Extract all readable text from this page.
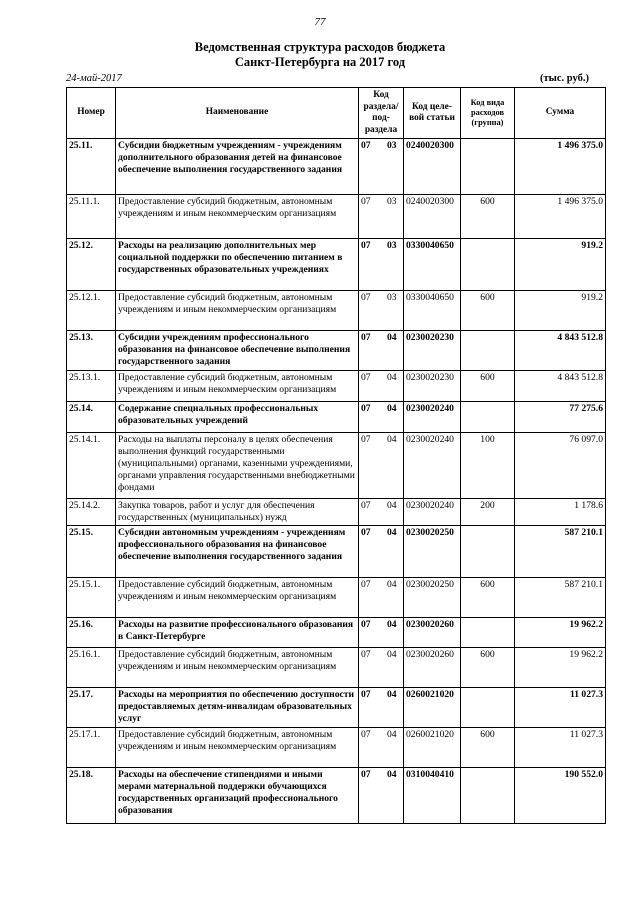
77
Ведомственная структура расходов бюджета
Санкт-Петербурга на 2017 год
24-май-2017	(тыс. руб.)
Номер	Наименование	Код раздела/ под-раздела	Код целе-вой статьи	Код вида расходов (группа)	Сумма
25.11.	Субсидии бюджетным учреждениям - учреждениям дополнительного образования детей на финансовое обеспечение выполнения государственного задания	07 03	0240020300		1 496 375.0
25.11.1.	Предоставление субсидий бюджетным, автономным учреждениям и иным некоммерческим организациям	07 03	0240020300	600	1 496 375.0
25.12.	Расходы на реализацию дополнительных мер социальной поддержки по обеспечению питанием в государственных образовательных учреждениях	07 03	0330040650		919.2
25.12.1.	Предоставление субсидий бюджетным, автономным учреждениям и иным некоммерческим организациям	07 03	0330040650	600	919.2
25.13.	Субсидии учреждениям профессионального образования на финансовое обеспечение выполнения государственного задания	07 04	0230020230		4 843 512.8
25.13.1.	Предоставление субсидий бюджетным, автономным учреждениям и иным некоммерческим организациям	07 04	0230020230	600	4 843 512.8
25.14.	Содержание специальных профессиональных образовательных учреждений	07 04	0230020240		77 275.6
25.14.1.	Расходы на выплаты персоналу в целях обеспечения выполнения функций государственными (муниципальными) органами, казенными учреждениями, органами управления государственными внебюджетными фондами	07 04	0230020240	100	76 097.0
25.14.2.	Закупка товаров, работ и услуг для обеспечения государственных (муниципальных) нужд	07 04	0230020240	200	1 178.6
25.15.	Субсидии автономным учреждениям - учреждениям профессионального образования на финансовое обеспечение выполнения государственного задания	07 04	0230020250		587 210.1
25.15.1.	Предоставление субсидий бюджетным, автономным учреждениям и иным некоммерческим организациям	07 04	0230020250	600	587 210.1
25.16.	Расходы на развитие профессионального образования в Санкт-Петербурге	07 04	0230020260		19 962.2
25.16.1.	Предоставление субсидий бюджетным, автономным учреждениям и иным некоммерческим организациям	07 04	0230020260	600	19 962.2
25.17.	Расходы на мероприятия по обеспечению доступности предоставляемых детям-инвалидам образовательных услуг	07 04	0260021020		11 027.3
25.17.1.	Предоставление субсидий бюджетным, автономным учреждениям и иным некоммерческим организациям	07 04	0260021020	600	11 027.3
25.18.	Расходы на обеспечение стипендиями и иными мерами материальной поддержки обучающихся государственных организаций профессионального образования	07 04	0310040410		190 552.0
